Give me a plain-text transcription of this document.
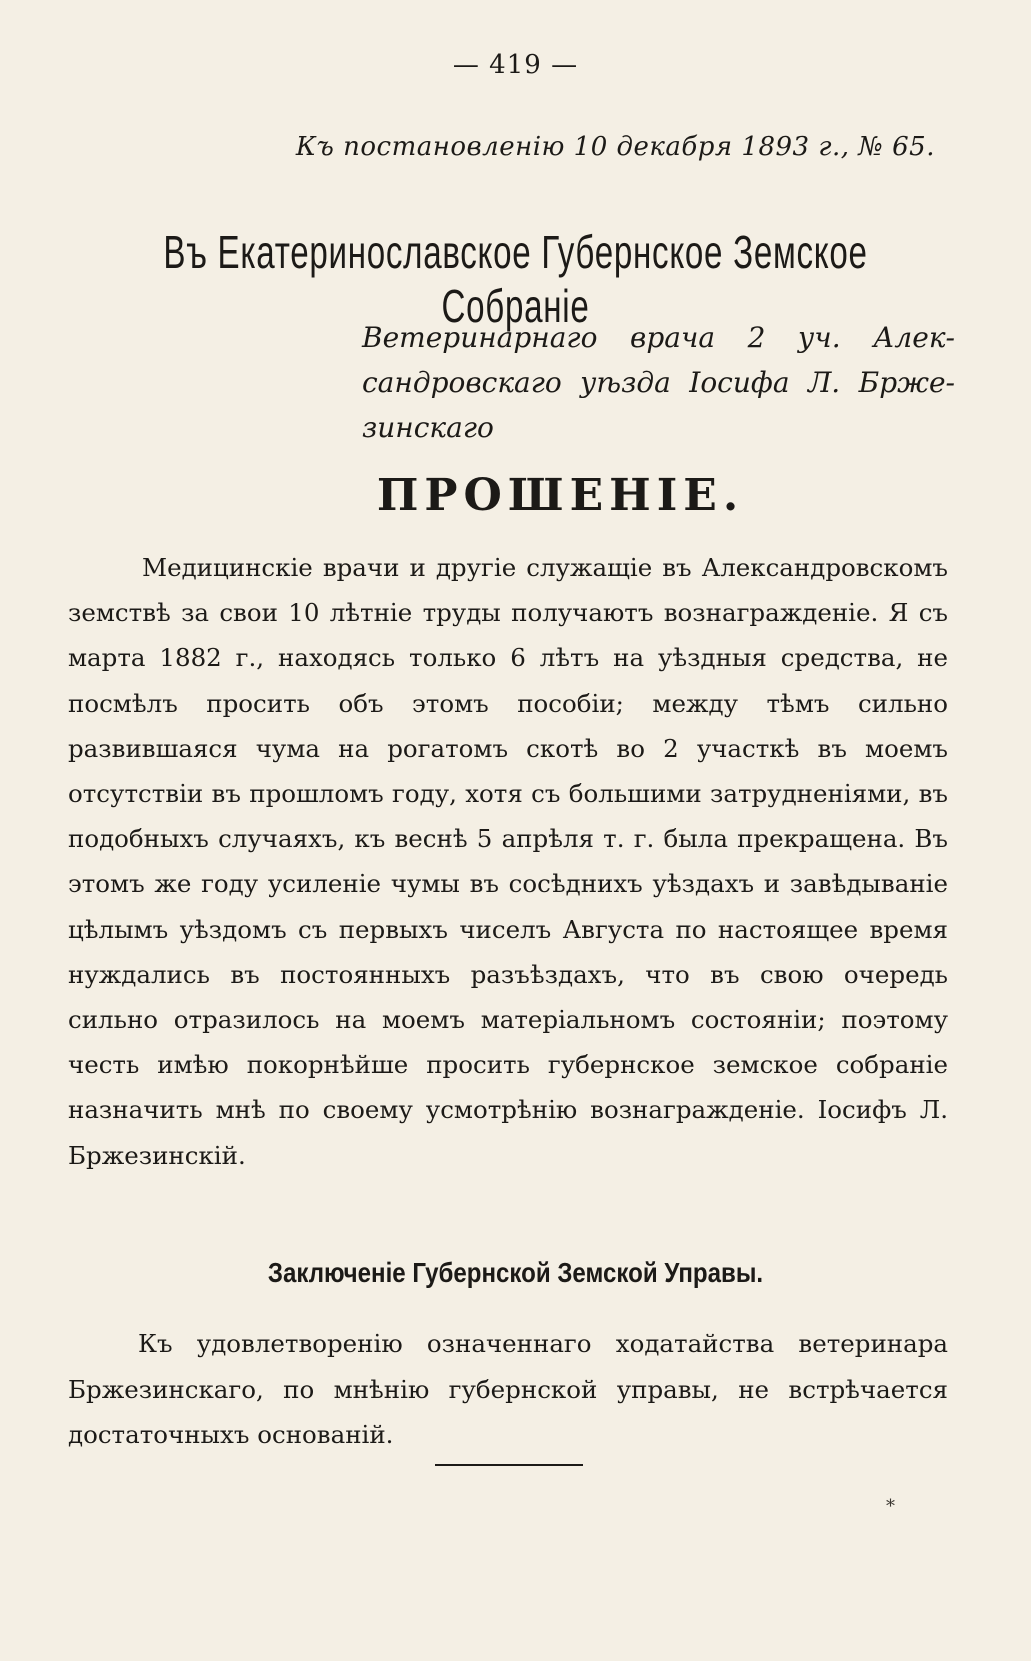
— 419 —
Къ постановленію 10 декабря 1893 г., № 65.
Въ Екатеринославское Губернское Земское Собраніе
Ветеринарнаго врача 2 уч. Алек-сандровскаго уѣзда Іосифа Л. Брже-зинскаго
ПРОШЕНІЕ.

Медицинскіе врачи и другіе служащіе въ Александровскомъ земствѣ за свои 10 лѣтніе труды получаютъ вознагражденіе. Я съ марта 1882 г., находясь только 6 лѣтъ на уѣздныя средства, не посмѣлъ просить объ этомъ пособіи; между тѣмъ сильно развившаяся чума на рогатомъ скотѣ во 2 участкѣ въ моемъ отсутствіи въ прошломъ году, хотя съ большими затрудненіями, въ подобныхъ случаяхъ, къ веснѣ 5 апрѣля т. г. была прекращена. Въ этомъ же году усиленіе чумы въ сосѣднихъ уѣздахъ и завѣдываніе цѣлымъ уѣздомъ съ первыхъ чиселъ Августа по настоящее время нуждались въ постоянныхъ разъѣздахъ, что въ свою очередь сильно отразилось на моемъ матеріальномъ состояніи; поэтому честь имѣю покорнѣйше просить губернское земское собраніе назначить мнѣ по своему усмотрѣнію вознагражденіе. Іосифъ Л. Бржезинскій.

Заключеніе Губернской Земской Управы.

Къ удовлетворенію означеннаго ходатайства ветеринара Бржезинскаго, по мнѣнію губернской управы, не встрѣчается достаточныхъ основаній.

*
